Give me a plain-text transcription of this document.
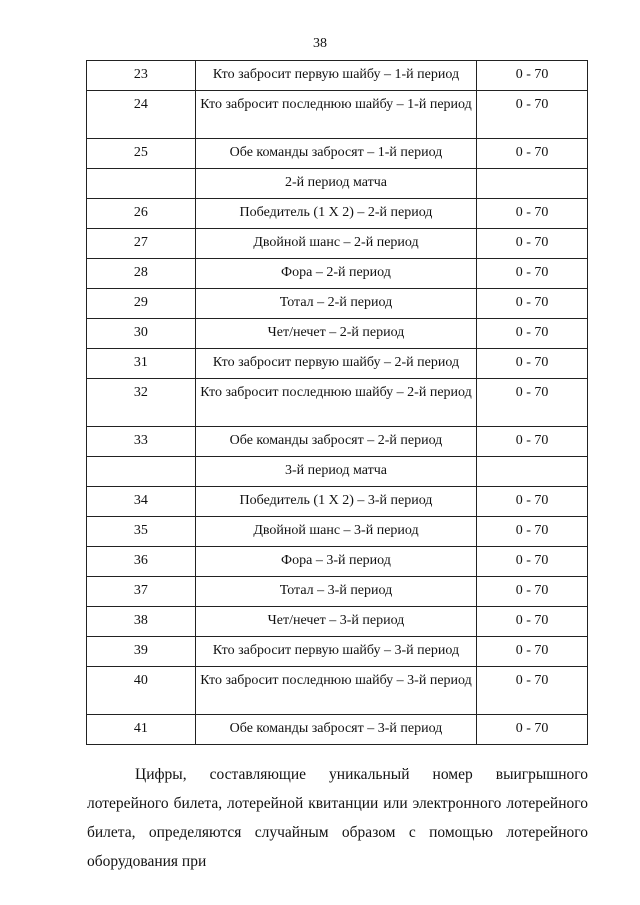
38
23	Кто забросит первую шайбу – 1-й период	0 - 70

24	Кто забросит последнюю шайбу – 1-й период	0 - 70

25	Обе команды забросят – 1-й период	0 - 70

	2-й период матча	

26	Победитель (1 Х 2) – 2-й период	0 - 70

27	Двойной шанс – 2-й период	0 - 70

28	Фора – 2-й период	0 - 70

29	Тотал – 2-й период	0 - 70

30	Чет/нечет – 2-й период	0 - 70

31	Кто забросит первую шайбу – 2-й период	0 - 70

32	Кто забросит последнюю шайбу – 2-й период	0 - 70

33	Обе команды забросят – 2-й период	0 - 70

	3-й период матча	

34	Победитель (1 Х 2) – 3-й период	0 - 70

35	Двойной шанс – 3-й период	0 - 70

36	Фора – 3-й период	0 - 70

37	Тотал – 3-й период	0 - 70

38	Чет/нечет – 3-й период	0 - 70

39	Кто забросит первую шайбу – 3-й период	0 - 70

40	Кто забросит последнюю шайбу – 3-й период	0 - 70

41	Обе команды забросят – 3-й период	0 - 70

Цифры, составляющие уникальный номер выигрышного лотерейного билета, лотерейной квитанции или электронного лотерейного билета, определяются случайным образом с помощью лотерейного оборудования при
